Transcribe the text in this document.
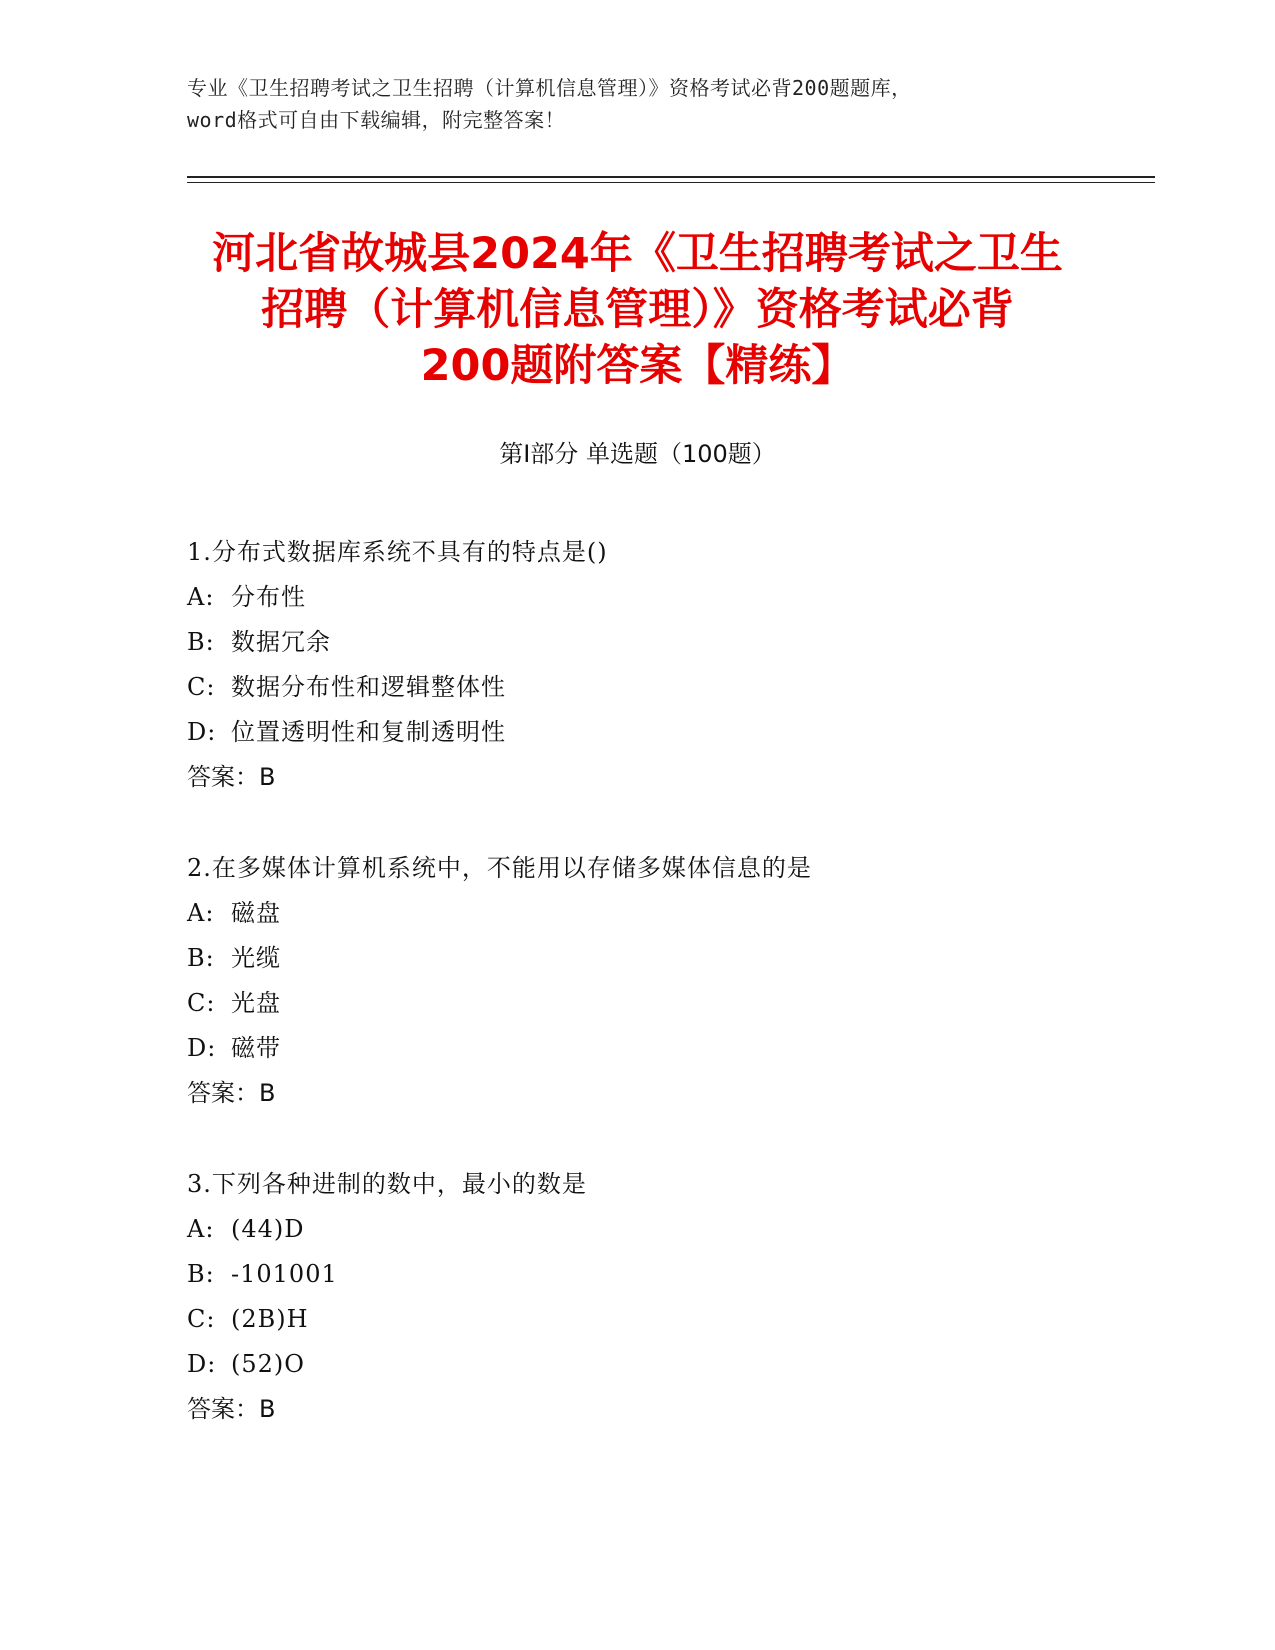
专业《卫生招聘考试之卫生招聘（计算机信息管理）》资格考试必背200题题库，
word格式可自由下载编辑，附完整答案！
河北省故城县2024年《卫生招聘考试之卫生
招聘（计算机信息管理）》资格考试必背
200题附答案【精练】
第Ⅰ部分 单选题（100题）
1.分布式数据库系统不具有的特点是()
A: 分布性
B: 数据冗余
C: 数据分布性和逻辑整体性
D: 位置透明性和复制透明性
答案：B
2.在多媒体计算机系统中，不能用以存储多媒体信息的是
A: 磁盘
B: 光缆
C: 光盘
D: 磁带
答案：B
3.下列各种进制的数中，最小的数是
A: (44)D
B: -101001
C: (2B)H
D: (52)O
答案：B
